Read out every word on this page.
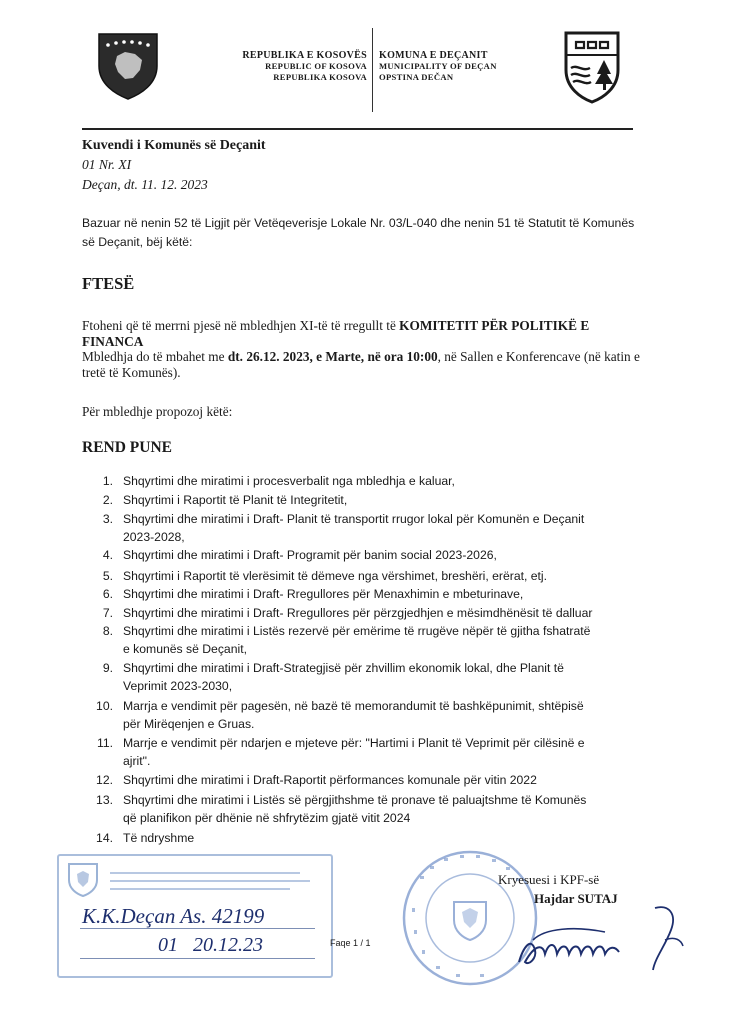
REPUBLIKA E KOSOVËS
REPUBLIC OF KOSOVA
REPUBLIKA KOSOVA
KOMUNA E DEÇANIT
MUNICIPALITY OF DEÇAN
OPSTINA DEČAN
Kuvendi i Komunës së Deçanit
01 Nr. XI
Deçan, dt. 11. 12. 2023
Bazuar në nenin 52 të Ligjit për Vetëqeverisje Lokale Nr. 03/L-040 dhe nenin 51 të Statutit të Komunës së Deçanit, bëj këtë:
FTESË
Ftoheni që të merrni pjesë në mbledhjen XI-të të rregullt të KOMITETIT PËR POLITIKË E FINANCA
Mbledhja do të mbahet me dt. 26.12. 2023, e Marte, në ora 10:00, në Sallen e Konferencave (në katin e tretë të Komunës).
Për mbledhje propozoj këtë:
REND PUNE
1. Shqyrtimi dhe miratimi i procesverbalit nga mbledhja e kaluar,
2. Shqyrtimi i Raportit të Planit të Integritetit,
3. Shqyrtimi dhe miratimi i Draft- Planit të transportit rrugor lokal për Komunën e Deçanit
2023-2028,
4. Shqyrtimi dhe miratimi i Draft- Programit për banim social 2023-2026,
5. Shqyrtimi i Raportit të vlerësimit të dëmeve nga vërshimet, breshëri, erërat, etj.
6. Shqyrtimi dhe miratimi i Draft- Rregullores për Menaxhimin e mbeturinave,
7. Shqyrtimi dhe miratimi i Draft- Rregullores për përzgjedhjen e mësimdhënësit të dalluar
8. Shqyrtimi dhe miratimi i Listës rezervë për emërime të rrugëve nëpër të gjitha fshatratë
e komunës së Deçanit,
9. Shqyrtimi dhe miratimi i Draft-Strategjisë për zhvillim ekonomik lokal, dhe Planit të
Veprimit 2023-2030,
10. Marrja e vendimit për pagesën, në bazë të memorandumit të bashkëpunimit, shtëpisë
për Mirëqenjen e Gruas.
11. Marrje e vendimit për ndarjen e mjeteve për: "Hartimi i Planit të Veprimit për cilësinë e
ajrit".
12. Shqyrtimi dhe miratimi i Draft-Raportit përformances komunale për vitin 2022
13. Shqyrtimi dhe miratimi i Listës së përgjithshme të pronave të paluajtshme të Komunës
që planifikon për dhënie në shfrytëzim gjatë vitit 2024
14. Të ndryshme
K.K.Deçan As. 42199
01   20.12.23
Kryesuesi i KPF-së
Hajdar SUTAJ
Faqe 1 / 1
